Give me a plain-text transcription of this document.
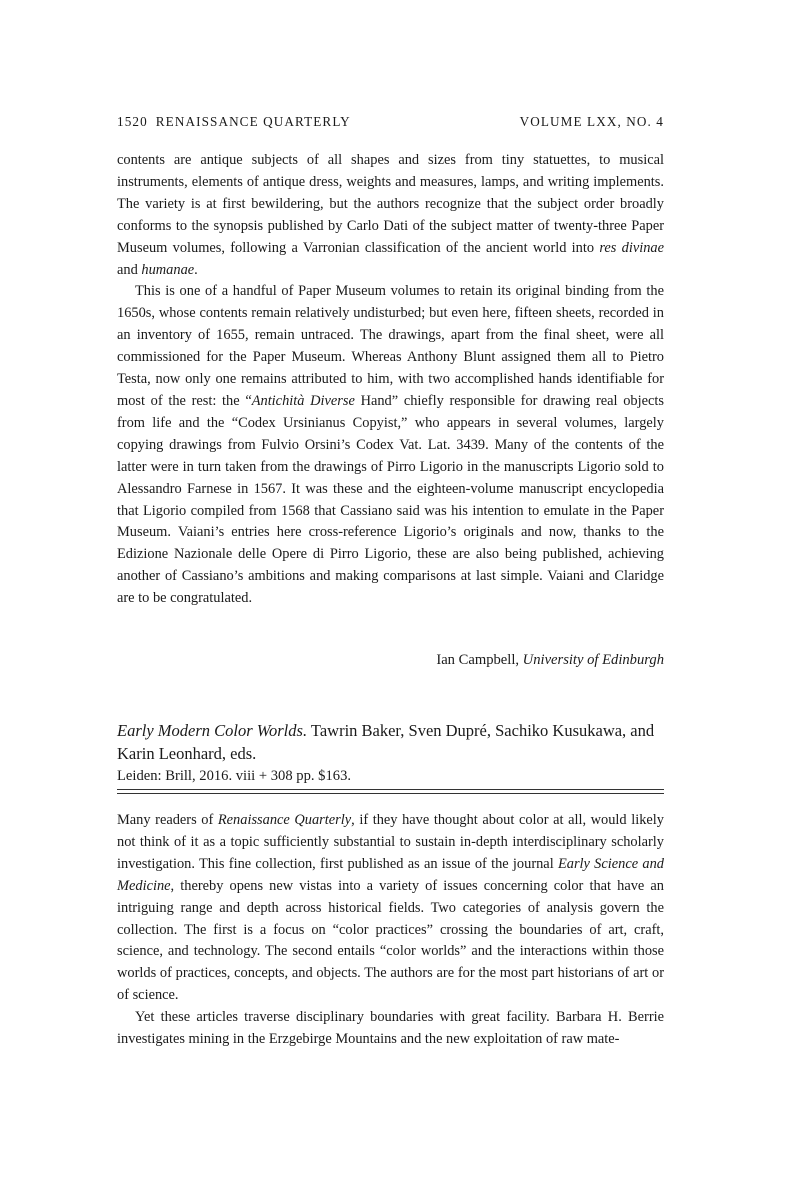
1520 RENAISSANCE QUARTERLY	VOLUME LXX, NO. 4

contents are antique subjects of all shapes and sizes from tiny statuettes, to musical instruments, elements of antique dress, weights and measures, lamps, and writing implements. The variety is at first bewildering, but the authors recognize that the subject order broadly conforms to the synopsis published by Carlo Dati of the subject matter of twenty-three Paper Museum volumes, following a Varronian classification of the ancient world into res divinae and humanae.

This is one of a handful of Paper Museum volumes to retain its original binding from the 1650s, whose contents remain relatively undisturbed; but even here, fifteen sheets, recorded in an inventory of 1655, remain untraced. The drawings, apart from the final sheet, were all commissioned for the Paper Museum. Whereas Anthony Blunt assigned them all to Pietro Testa, now only one remains attributed to him, with two accomplished hands identifiable for most of the rest: the “Antichità Diverse Hand” chiefly responsible for drawing real objects from life and the “Codex Ursinianus Copyist,” who appears in several volumes, largely copying drawings from Fulvio Orsini’s Codex Vat. Lat. 3439. Many of the contents of the latter were in turn taken from the drawings of Pirro Ligorio in the manuscripts Ligorio sold to Alessandro Farnese in 1567. It was these and the eighteen-volume manuscript encyclopedia that Ligorio compiled from 1568 that Cassiano said was his intention to emulate in the Paper Museum. Vaiani’s entries here cross-reference Ligorio’s originals and now, thanks to the Edizione Nazionale delle Opere di Pirro Ligorio, these are also being published, achieving another of Cassiano’s ambitions and making comparisons at last simple. Vaiani and Claridge are to be congratulated.

Ian Campbell, University of Edinburgh

Early Modern Color Worlds. Tawrin Baker, Sven Dupré, Sachiko Kusukawa, and Karin Leonhard, eds.

Leiden: Brill, 2016. viii + 308 pp. $163.

Many readers of Renaissance Quarterly, if they have thought about color at all, would likely not think of it as a topic sufficiently substantial to sustain in-depth interdisciplinary scholarly investigation. This fine collection, first published as an issue of the journal Early Science and Medicine, thereby opens new vistas into a variety of issues concerning color that have an intriguing range and depth across historical fields. Two categories of analysis govern the collection. The first is a focus on “color practices” crossing the boundaries of art, craft, science, and technology. The second entails “color worlds” and the interactions within those worlds of practices, concepts, and objects. The authors are for the most part historians of art or of science.

Yet these articles traverse disciplinary boundaries with great facility. Barbara H. Berrie investigates mining in the Erzgebirge Mountains and the new exploitation of raw mate-
